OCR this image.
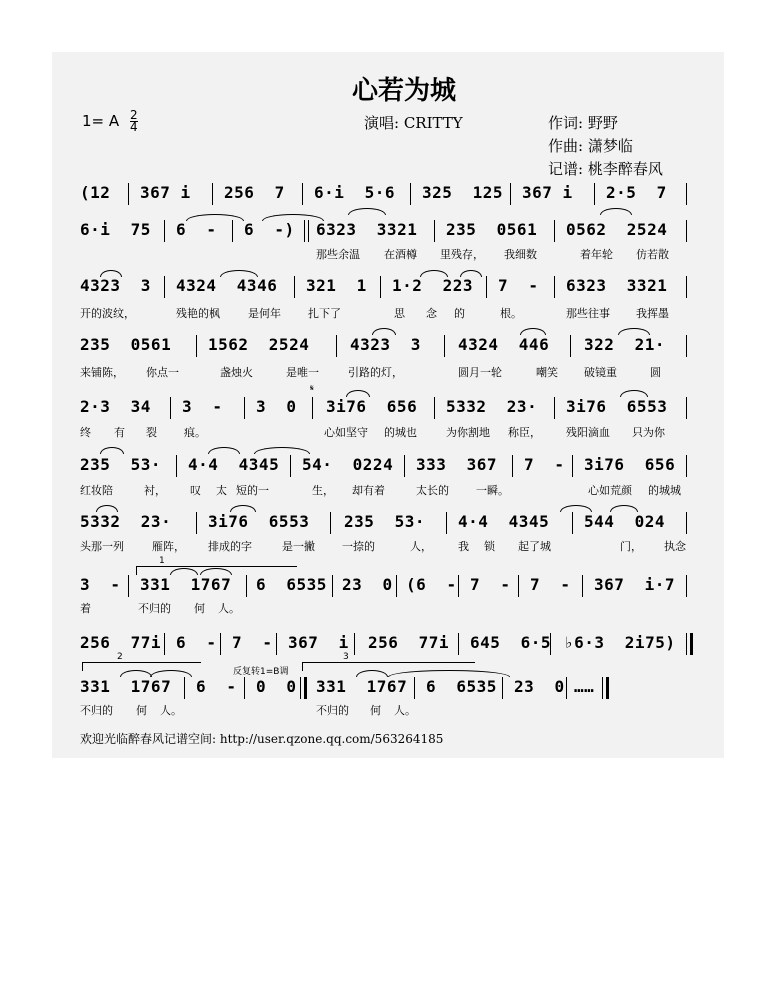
心若为城
1= A $\frac{2}{4}$	演唱: CRITTY	作词: 野野
作曲: 潇梦临
记谱: 桃李醉春风
(12 367 i 256  7 6·i  5·6 325  125 367 i 2·5  7
6·i  75 6  - 6  -) 6323  3321 235  0561 0562  2524
那些余温 在酒樽 里残存， 我细数	着年轮 仿若散
4323  3 4324  4346 321  1 1·2  223 7  - 6323  3321
开的波纹，	残艳的枫	是何年 扎下了	思 念 的	根。	那些往事 我挥墨
235  0561 1562  2524	4323  3 4324  446 322  21·
来铺陈， 你点一	盏烛火	是唯一	引路的灯，	圆月一轮	嘲笑 破镜重	圆
2·3  34 3  - 3  0 3i76  656 5332  23· 3i76  6553
𝄋
终 有 裂 痕。	心如坚守 的城也	为你割地 称臣， 残阳滴血 只为你
235  53· 4·4  4345 54·  0224 333  367 7  - 3i76  656
红妆陪	衬， 叹 太 短的一	生， 却有着	太长的 一瞬。	心如荒颜 的城城
5332  23· 3i76  6553 235  53· 4·4  4345 544  024
头那一列	雁阵， 排成的字	是一撇 一捺的	人， 我 锁 起了城	门， 执念
1
3  - 331  1767 6  6535 23  0 (6  - 7  - 7  - 367  i·7
着	不归的 何 人。
256  77i 6  - 7  - 367  i 256  77i 645  6·5 ♭6·3  2i75)
2
反复转1=B调
3
331  1767 6  - 0  0 331  1767 6  6535 23  0 ……
不归的 何 人。	不归的 何 人。
欢迎光临醉春风记谱空间: http://user.qzone.qq.com/563264185
